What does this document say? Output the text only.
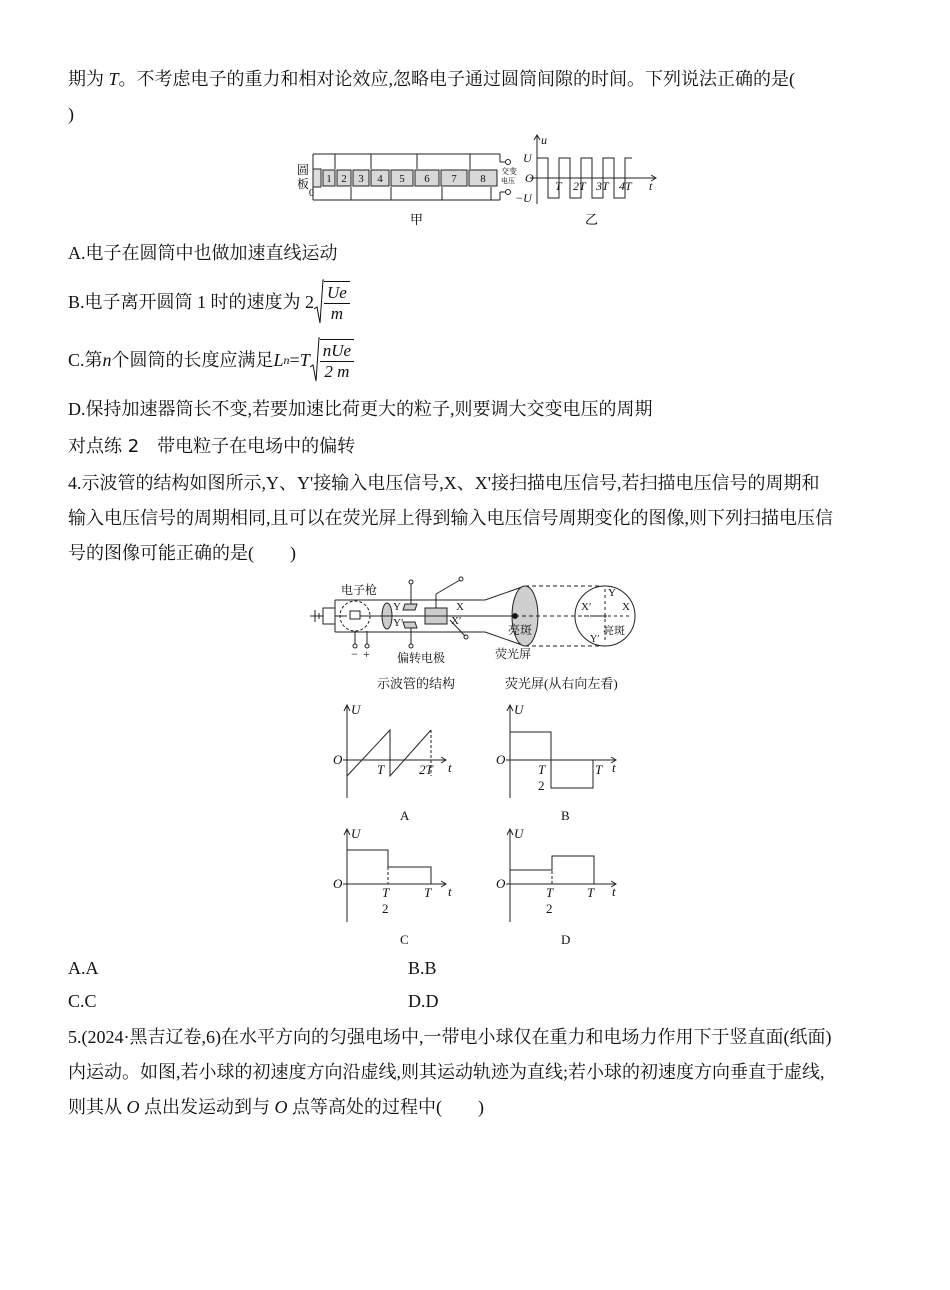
期为 T。不考虑电子的重力和相对论效应,忽略电子通过圆筒间隙的时间。下列说法正确的是(
)
1 2 3 4 5 6 7 8
圆
板
0
交变
电压
甲
u
t
U
O
−U
T 2T 3T 4T
乙
A.电子在圆筒中也做加速直线运动
B.电子离开圆筒 1 时的速度为 $2 \frac{Ue}{m}$
C.第 n 个圆筒的长度应满足 L n = T $\frac{\text{nUe}}{2 m}$
D.保持加速器筒长不变,若要加速比荷更大的粒子,则要调大交变电压的周期
对点练 2　带电粒子在电场中的偏转
4.示波管的结构如图所示,Y、Y'接输入电压信号,X、X'接扫描电压信号,若扫描电压信号的周期和
输入电压信号的周期相同,且可以在荧光屏上得到输入电压信号周期变化的图像,则下列扫描电压信
号的图像可能正确的是(　　)
电子枪
Y
Y′
X
X′
亮斑
荧光屏
偏转电极
− +
Y
Y′
X
X′
亮斑
示波管的结构	荧光屏(从右向左看)
U
O
T	2T t
U
O
T
2
T t
U
O
T
2
T t
U
O
T
2
T t
A	B
C	D
A.A	B.B
C.C	D.D
5.(2024·黑吉辽卷,6)在水平方向的匀强电场中,一带电小球仅在重力和电场力作用下于竖直面(纸面)
内运动。如图,若小球的初速度方向沿虚线,则其运动轨迹为直线;若小球的初速度方向垂直于虚线,
则其从 O 点出发运动到与 O 点等高处的过程中(　　)
